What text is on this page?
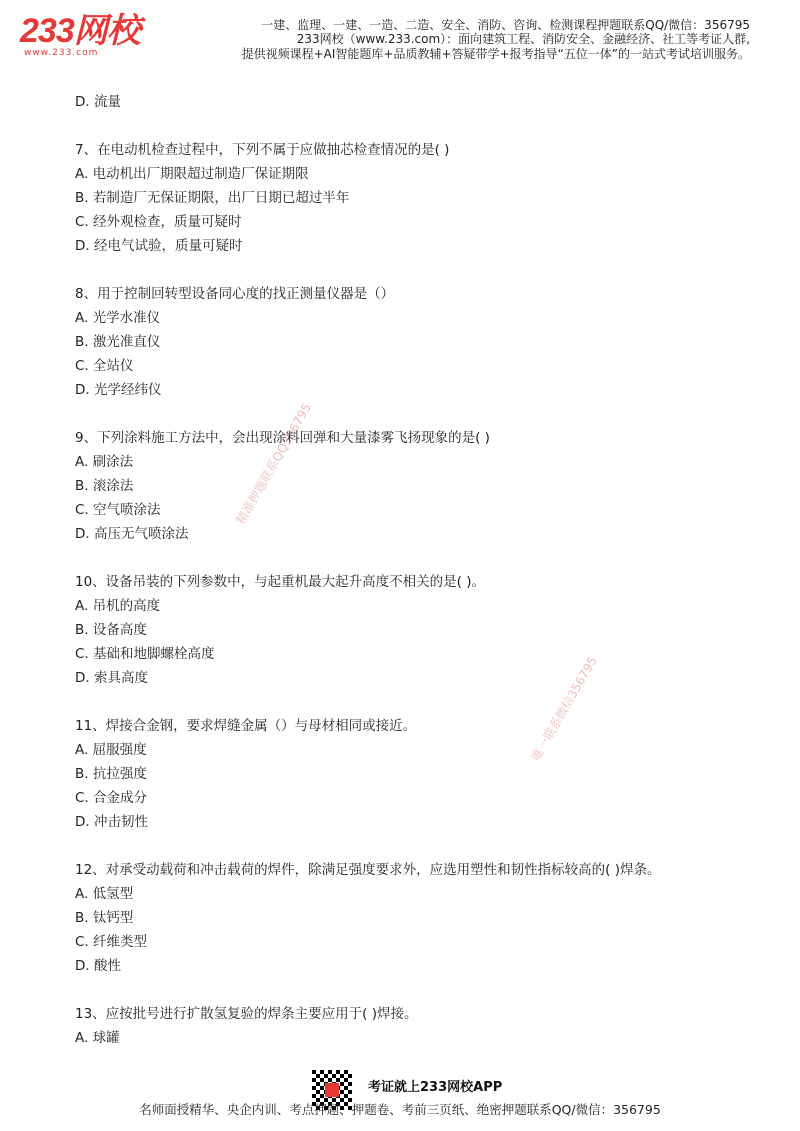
233网校
www.233.com
一建、监理、一建、一造、二造、安全、消防、咨询、检测课程押题联系QQ/微信：356795
233网校（www.233.com）：面向建筑工程、消防安全、金融经济、社工等考证人群,
提供视频课程+AI智能题库+品质教辅+答疑带学+报考指导“五位一体”的一站式考试培训服务。
精准押题联系QQ356795
唯一联系微信356795

D. 流量

7、在电动机检查过程中，下列不属于应做抽芯检查情况的是( )

A. 电动机出厂期限超过制造厂保证期限

B. 若制造厂无保证期限，出厂日期已超过半年

C. 经外观检查，质量可疑时

D. 经电气试验，质量可疑时

8、用于控制回转型设备同心度的找正测量仪器是（）

A. 光学水准仪

B. 激光准直仪

C. 全站仪

D. 光学经纬仪

9、下列涂料施工方法中，会出现涂料回弹和大量漆雾飞扬现象的是( )

A. 刷涂法

B. 滚涂法

C. 空气喷涂法

D. 高压无气喷涂法

10、设备吊装的下列参数中，与起重机最大起升高度不相关的是( )。

A. 吊机的高度

B. 设备高度

C. 基础和地脚螺栓高度

D. 索具高度

11、焊接合金钢，要求焊缝金属（）与母材相同或接近。

A. 屈服强度

B. 抗拉强度

C. 合金成分

D. 冲击韧性

12、对承受动载荷和冲击载荷的焊件，除满足强度要求外，应选用塑性和韧性指标较高的( )焊条。

A. 低氢型

B. 钛钙型

C. 纤维类型

D. 酸性

13、应按批号进行扩散氢复验的焊条主要应用于( )焊接。

A. 球罐

考证就上233网校APP
名师面授精华、央企内训、考点押题、押题卷、考前三页纸、绝密押题联系QQ/微信：356795
